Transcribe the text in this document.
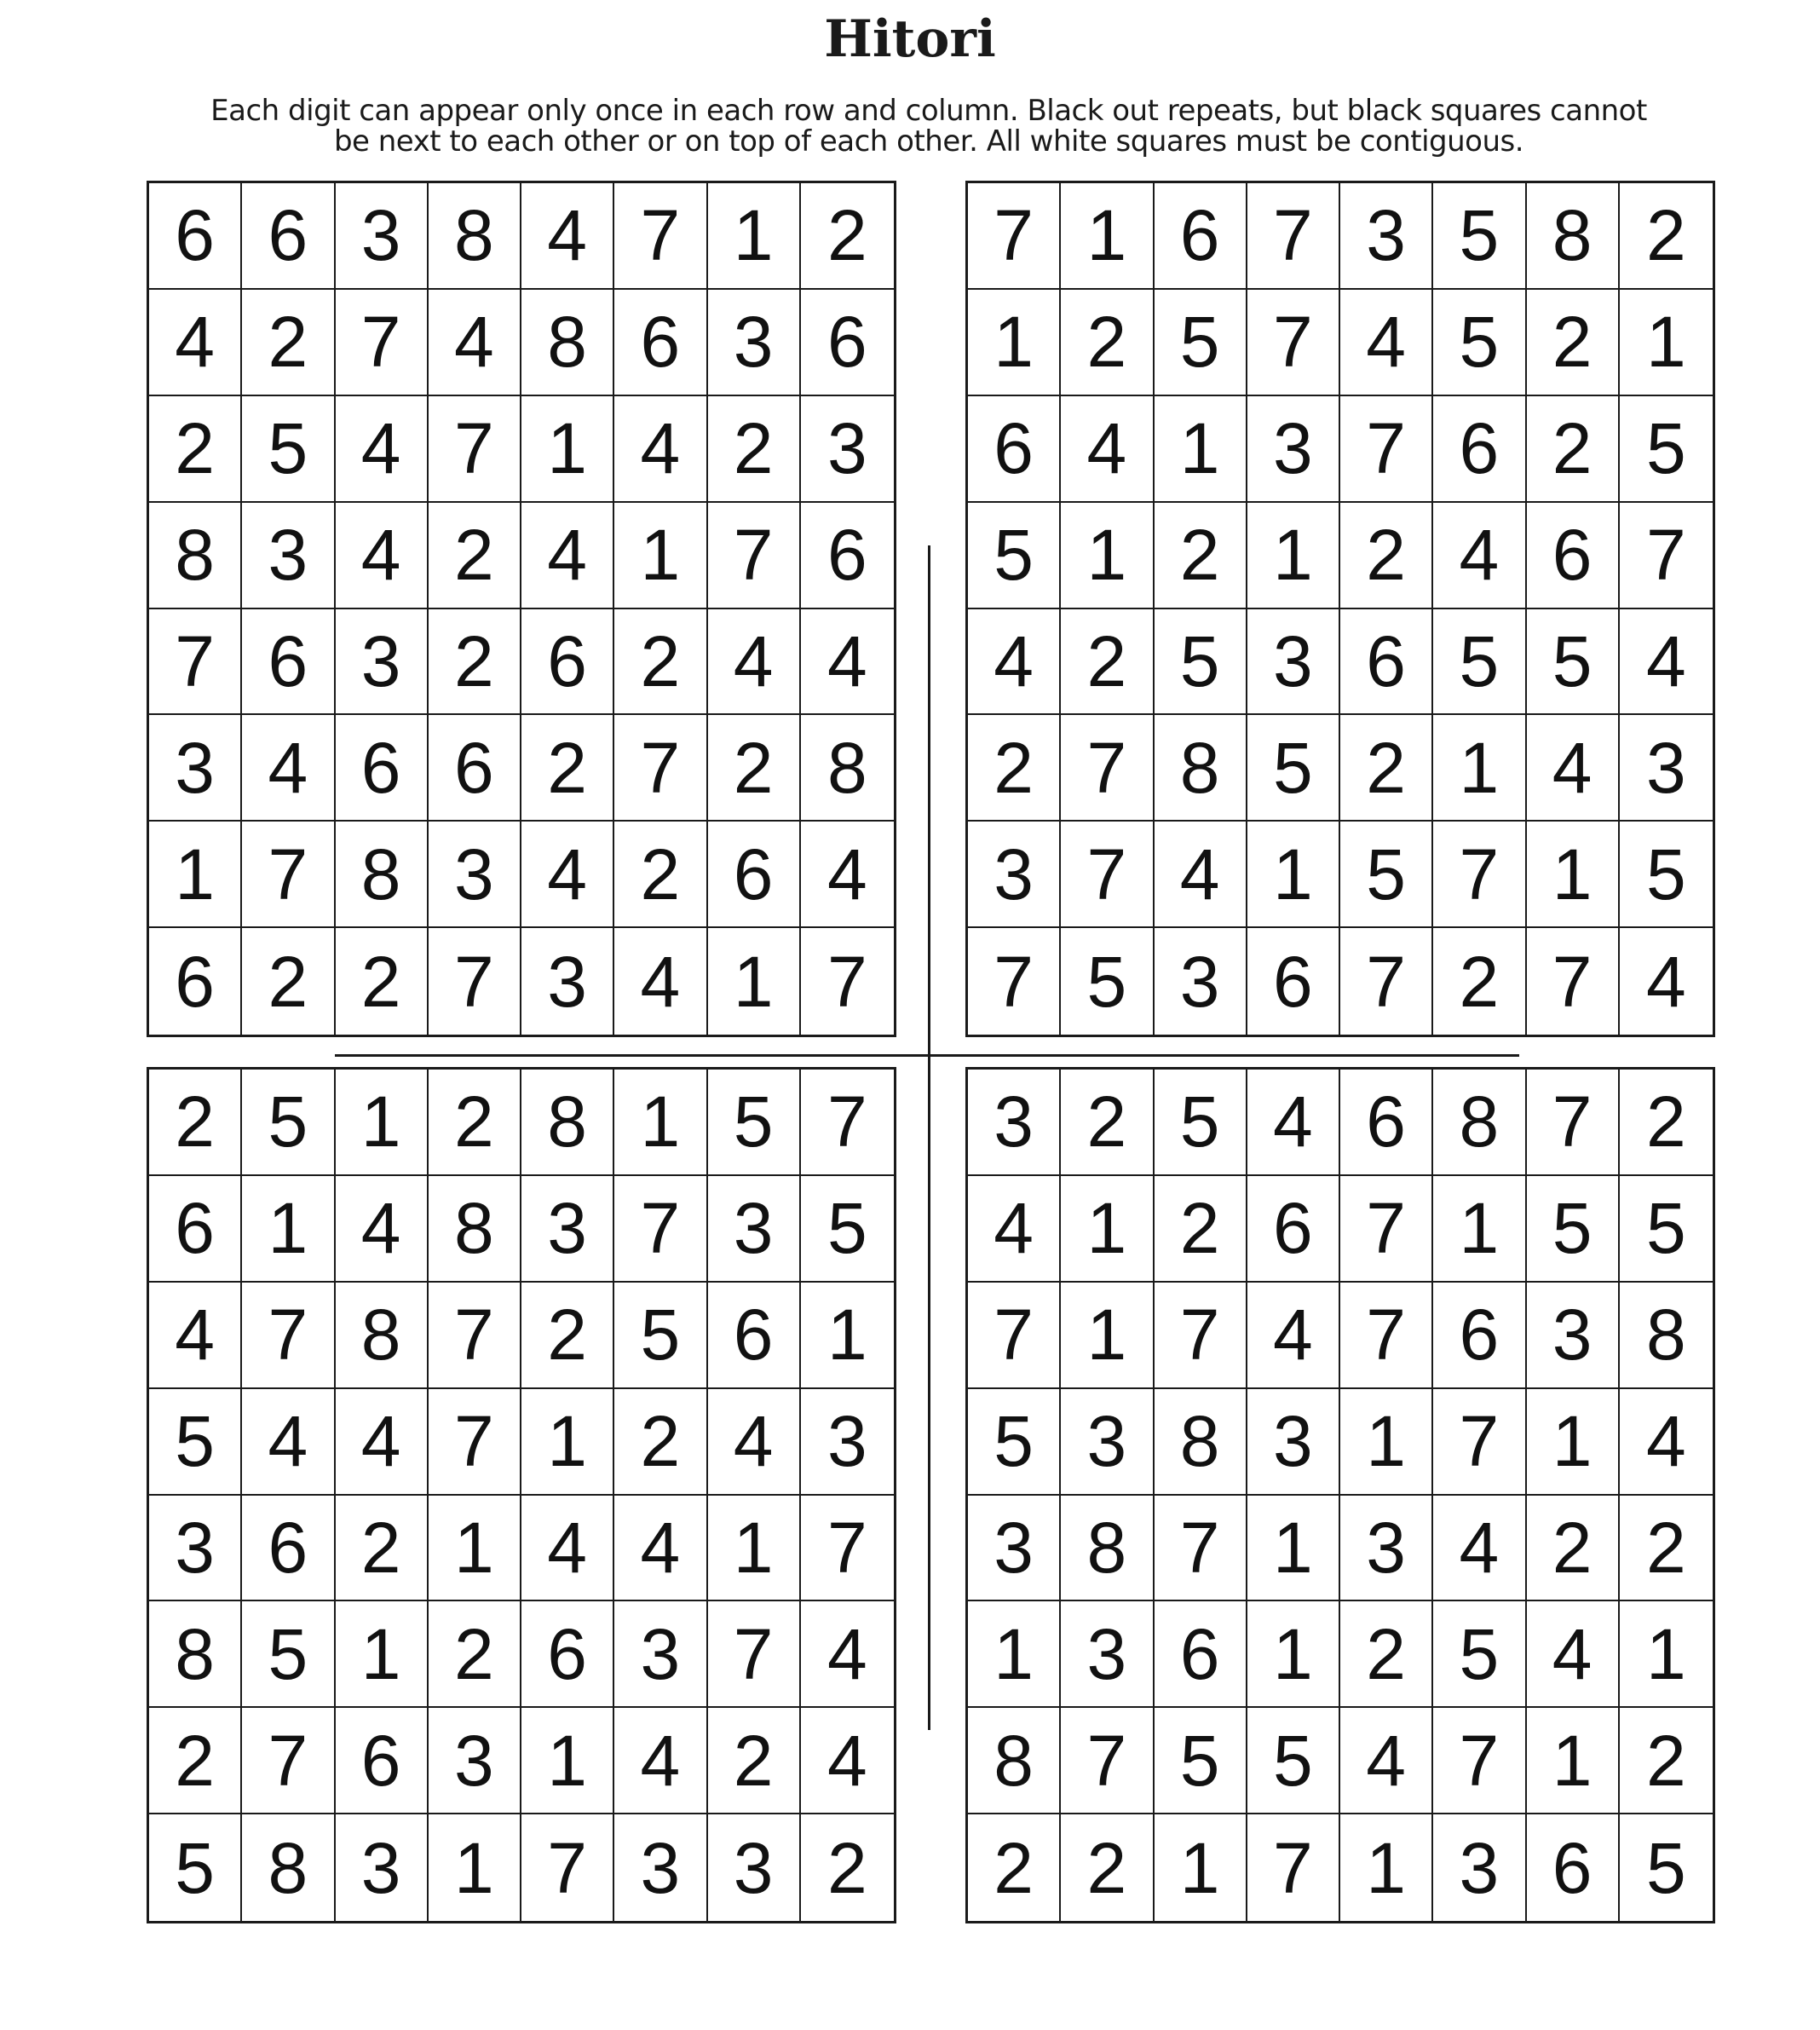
Hitori
Each digit can appear only once in each row and column. Black out repeats, but black squares cannot
be next to each other or on top of each other. All white squares must be contiguous.
6 6 3 8 4 7 1 2
4 2 7 4 8 6 3 6
2 5 4 7 1 4 2 3
8 3 4 2 4 1 7 6
7 6 3 2 6 2 4 4
3 4 6 6 2 7 2 8
1 7 8 3 4 2 6 4
6 2 2 7 3 4 1 7
7 1 6 7 3 5 8 2
1 2 5 7 4 5 2 1
6 4 1 3 7 6 2 5
5 1 2 1 2 4 6 7
4 2 5 3 6 5 5 4
2 7 8 5 2 1 4 3
3 7 4 1 5 7 1 5
7 5 3 6 7 2 7 4
2 5 1 2 8 1 5 7
6 1 4 8 3 7 3 5
4 7 8 7 2 5 6 1
5 4 4 7 1 2 4 3
3 6 2 1 4 4 1 7
8 5 1 2 6 3 7 4
2 7 6 3 1 4 2 4
5 8 3 1 7 3 3 2
3 2 5 4 6 8 7 2
4 1 2 6 7 1 5 5
7 1 7 4 7 6 3 8
5 3 8 3 1 7 1 4
3 8 7 1 3 4 2 2
1 3 6 1 2 5 4 1
8 7 5 5 4 7 1 2
2 2 1 7 1 3 6 5
